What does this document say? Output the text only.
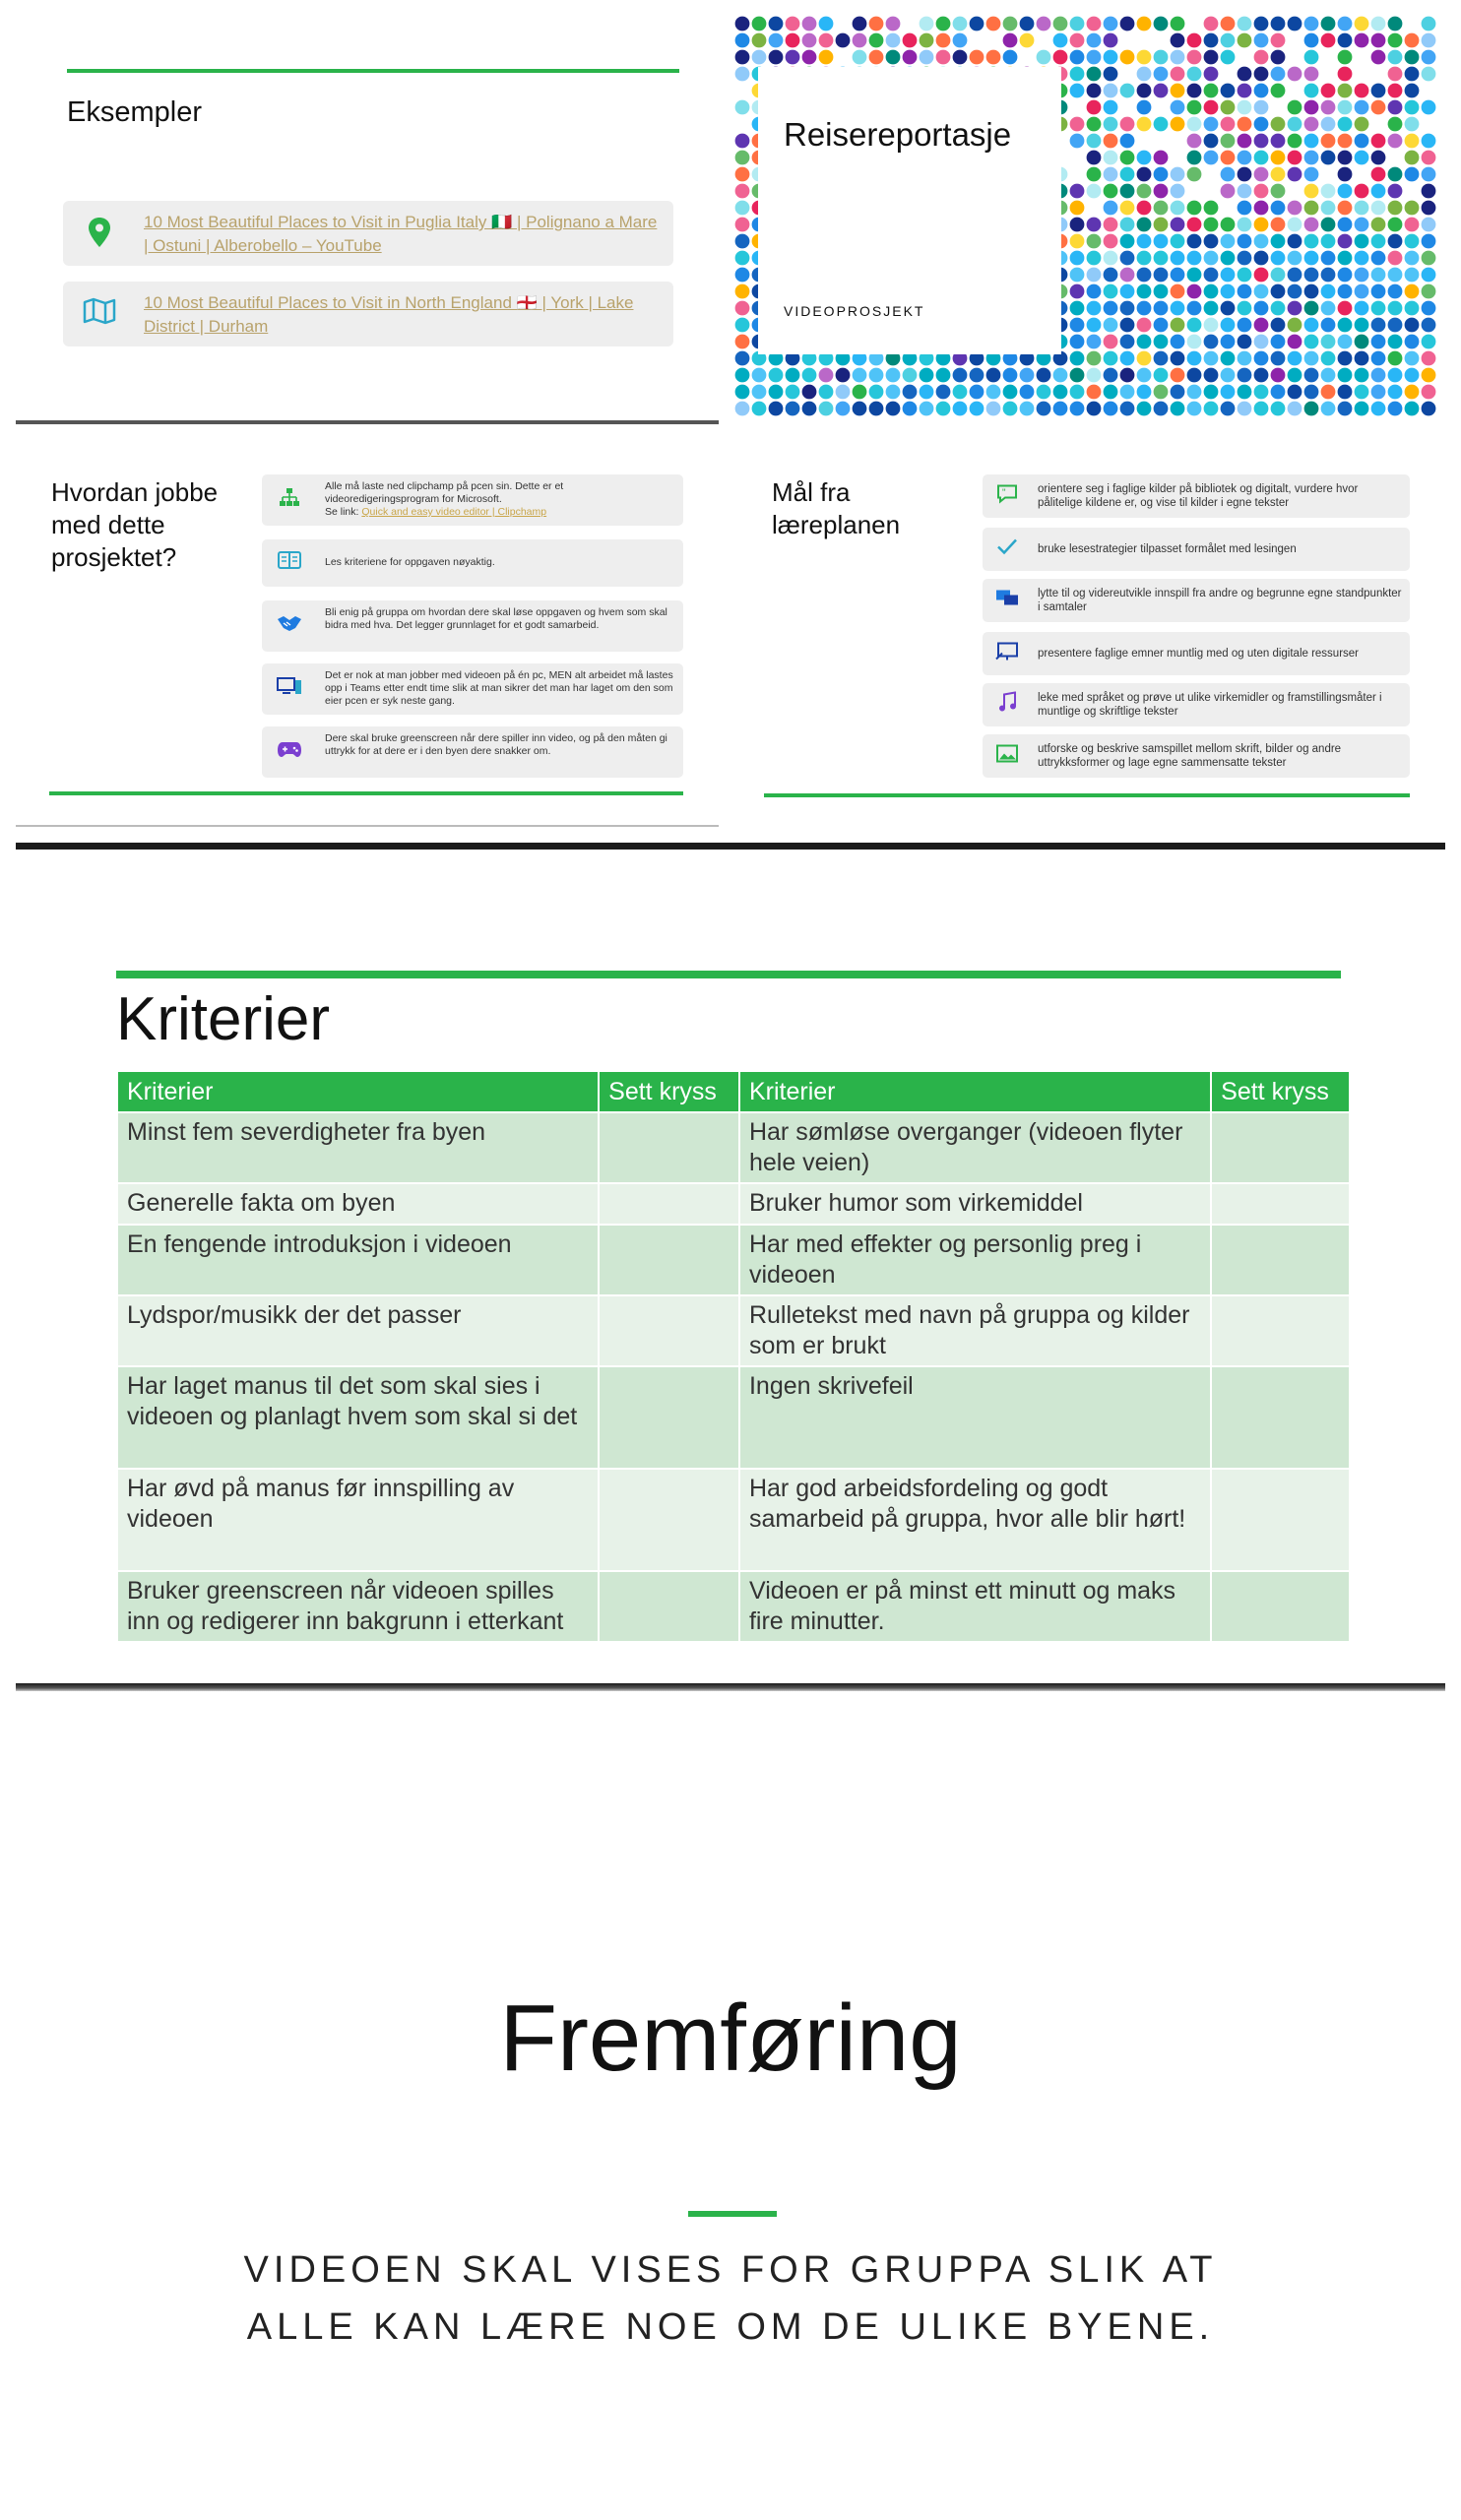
Eksempler
10 Most Beautiful Places to Visit in Puglia Italy 🇮🇹 | Polignano a Mare | Ostuni | Alberobello – YouTube
10 Most Beautiful Places to Visit in North England 🏴󠁧󠁢󠁥󠁮󠁧󠁿 | York | Lake District | Durham
Reisereportasje
VIDEOPROSJEKT
Hvordan jobbe med dette prosjektet?
Alle må laste ned clipchamp på pcen sin. Dette er et videoredigeringsprogram for Microsoft.
Se link: Quick and easy video editor | Clipchamp
Les kriteriene for oppgaven nøyaktig.
Bli enig på gruppa om hvordan dere skal løse oppgaven og hvem som skal bidra med hva. Det legger grunnlaget for et godt samarbeid.
Det er nok at man jobber med videoen på én pc, MEN alt arbeidet må lastes opp i Teams etter endt time slik at man sikrer det man har laget om den som eier pcen er syk neste gang.
Dere skal bruke greenscreen når dere spiller inn video, og på den måten gi uttrykk for at dere er i den byen dere snakker om.
Mål fra læreplanen
"	orientere seg i faglige kilder på bibliotek og digitalt, vurdere hvor pålitelige kildene er, og vise til kilder i egne tekster
bruke lesestrategier tilpasset formålet med lesingen
lytte til og videreutvikle innspill fra andre og begrunne egne standpunkter i samtaler
presentere faglige emner muntlig med og uten digitale ressurser
leke med språket og prøve ut ulike virkemidler og framstillingsmåter i muntlige og skriftlige tekster
utforske og beskrive samspillet mellom skrift, bilder og andre uttrykksformer og lage egne sammensatte tekster
Kriterier
Kriterier	Sett kryss	Kriterier	Sett kryss
Minst fem severdigheter fra byen		Har sømløse overganger (videoen flyter hele veien)	
Generelle fakta om byen		Bruker humor som virkemiddel	
En fengende introduksjon i videoen		Har med effekter og personlig preg i videoen	
Lydspor/musikk der det passer		Rulletekst med navn på gruppa og kilder som er brukt	
Har laget manus til det som skal sies i videoen og planlagt hvem som skal si det		Ingen skrivefeil	
Har øvd på manus før innspilling av videoen		Har god arbeidsfordeling og godt samarbeid på gruppa, hvor alle blir hørt!	
Bruker greenscreen når videoen spilles inn og redigerer inn bakgrunn i etterkant		Videoen er på minst ett minutt og maks fire minutter.	
Fremføring
VIDEOEN SKAL VISES FOR GRUPPA SLIK AT
ALLE KAN LÆRE NOE OM DE ULIKE BYENE.
